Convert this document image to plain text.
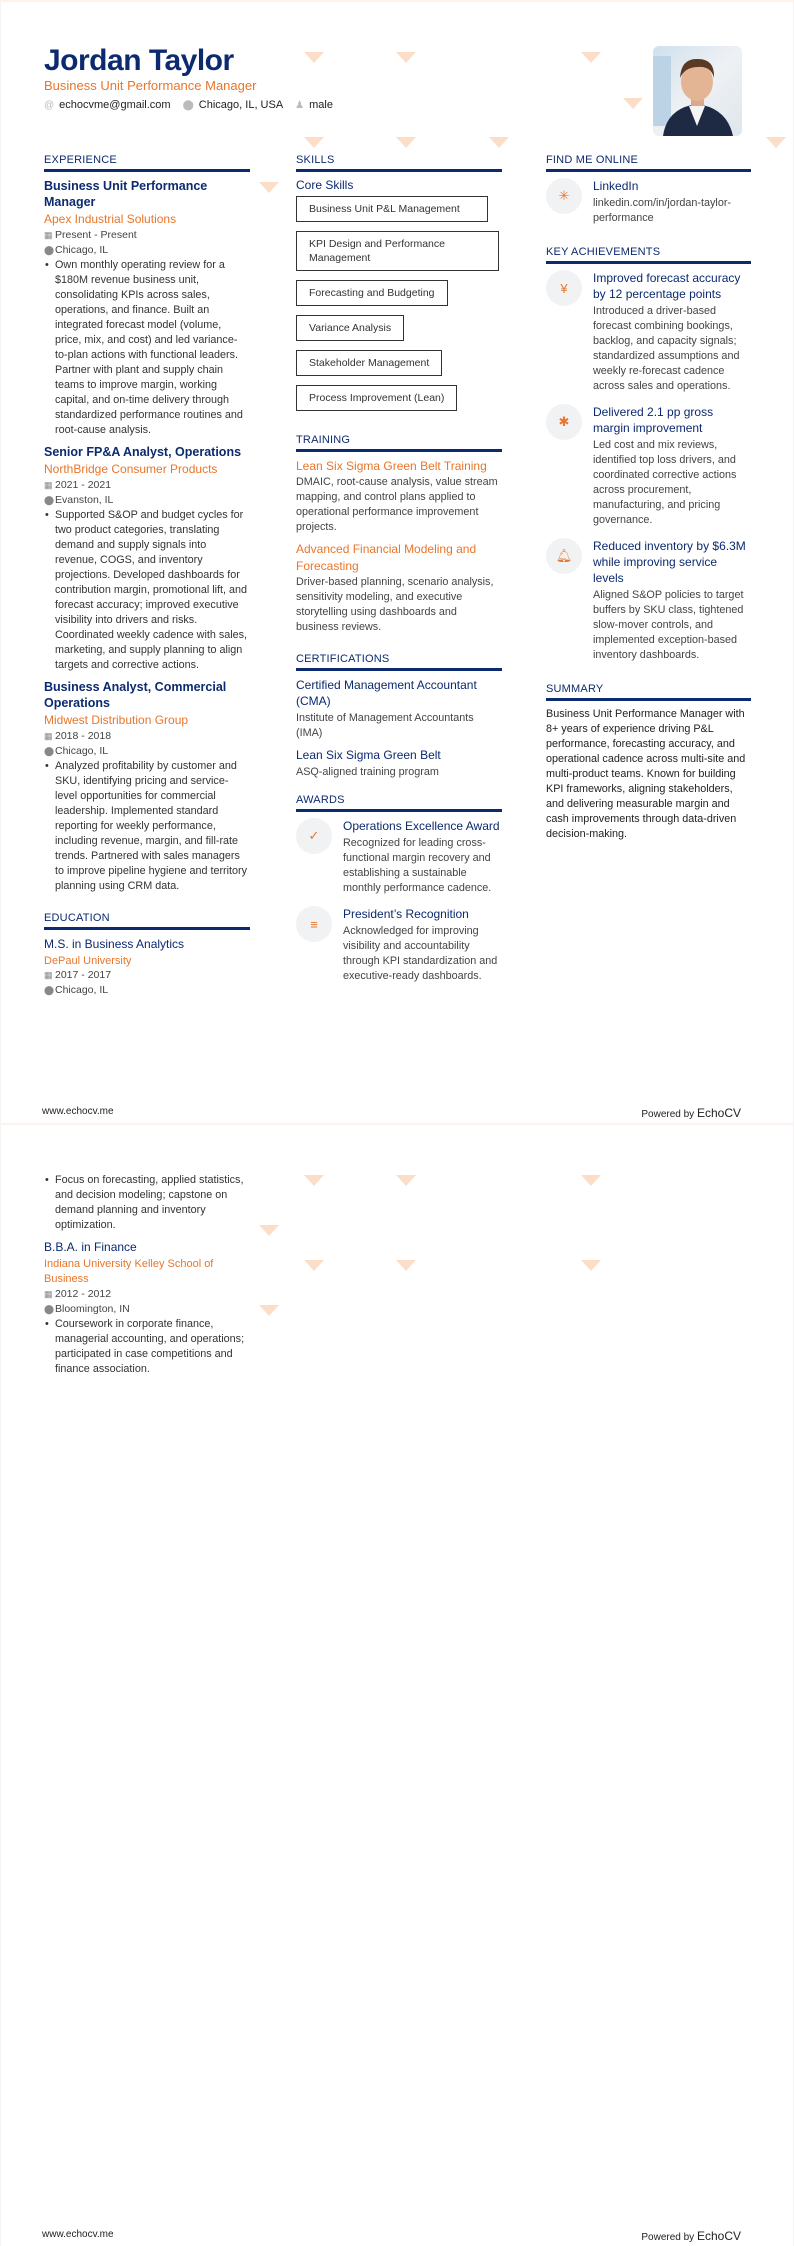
Jordan Taylor
Business Unit Performance Manager
@ echocvme@gmail.com ⬤ Chicago, IL, USA ♟ male
EXPERIENCE
Business Unit Performance Manager
Apex Industrial Solutions
▦ Present - Present
⬤Chicago, IL
• Own monthly operating review for a $180M revenue business unit, consolidating KPIs across sales, operations, and finance. Built an integrated forecast model (volume, price, mix, and cost) and led variance-to-plan actions with functional leaders. Partner with plant and supply chain teams to improve margin, working capital, and on-time delivery through standardized performance routines and root-cause analysis.
Senior FP&A Analyst, Operations
NorthBridge Consumer Products
▦ 2021 - 2021
⬤Evanston, IL
• Supported S&OP and budget cycles for two product categories, translating demand and supply signals into revenue, COGS, and inventory projections. Developed dashboards for contribution margin, promotional lift, and forecast accuracy; improved executive visibility into drivers and risks. Coordinated weekly cadence with sales, marketing, and supply planning to align targets and corrective actions.
Business Analyst, Commercial Operations
Midwest Distribution Group
▦ 2018 - 2018
⬤Chicago, IL
• Analyzed profitability by customer and SKU, identifying pricing and service-level opportunities for commercial leadership. Implemented standard reporting for weekly performance, including revenue, margin, and fill-rate trends. Partnered with sales managers to improve pipeline hygiene and territory planning using CRM data.
EDUCATION
M.S. in Business Analytics
DePaul University
▦ 2017 - 2017
⬤Chicago, IL
SKILLS
Core Skills
Business Unit P&L Management KPI Design and Performance Management Forecasting and Budgeting
Variance Analysis
Stakeholder Management
Process Improvement (Lean)
TRAINING
Lean Six Sigma Green Belt Training
DMAIC, root-cause analysis, value stream mapping, and control plans applied to operational performance improvement projects.
Advanced Financial Modeling and Forecasting
Driver-based planning, scenario analysis, sensitivity modeling, and executive storytelling using dashboards and business reviews.
CERTIFICATIONS
Certified Management Accountant (CMA)
Institute of Management Accountants (IMA)
Lean Six Sigma Green Belt
ASQ-aligned training program
AWARDS
✓
Operations Excellence Award
Recognized for leading cross-functional margin recovery and establishing a sustainable monthly performance cadence.
≡
President’s Recognition
Acknowledged for improving visibility and accountability through KPI standardization and executive-ready dashboards.
FIND ME ONLINE
✳
LinkedIn
linkedin.com/in/jordan-taylor-performance
KEY ACHIEVEMENTS
¥
Improved forecast accuracy by 12 percentage points
Introduced a driver-based forecast combining bookings, backlog, and capacity signals; standardized assumptions and weekly re-forecast cadence across sales and operations.
✱
Delivered 2.1 pp gross margin improvement
Led cost and mix reviews, identified top loss drivers, and coordinated corrective actions across procurement, manufacturing, and pricing governance.
🔔︎
Reduced inventory by $6.3M while improving service levels
Aligned S&OP policies to target buffers by SKU class, tightened slow-mover controls, and implemented exception-based inventory dashboards.
SUMMARY
Business Unit Performance Manager with 8+ years of experience driving P&L performance, forecasting accuracy, and operational cadence across multi-site and multi-product teams. Known for building KPI frameworks, aligning stakeholders, and delivering measurable margin and cash improvements through data-driven decision-making.
www.echocv.me	Powered by EchoCV
• Focus on forecasting, applied statistics, and decision modeling; capstone on demand planning and inventory optimization.
B.B.A. in Finance
Indiana University Kelley School of Business
▦ 2012 - 2012
⬤Bloomington, IN
• Coursework in corporate finance, managerial accounting, and operations; participated in case competitions and finance association.
www.echocv.me	Powered by EchoCV
